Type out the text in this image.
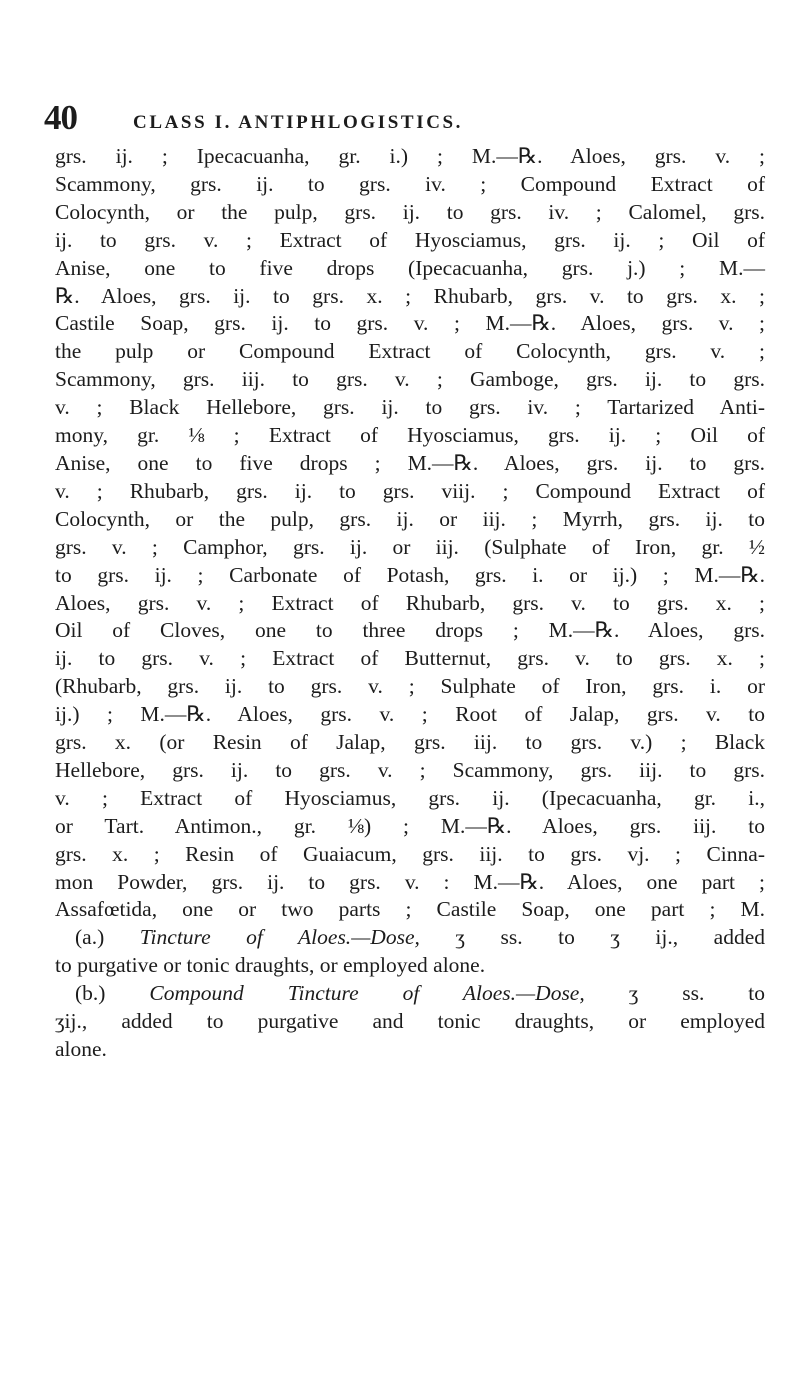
40	CLASS I. ANTIPHLOGISTICS.
grs. ij. ; Ipecacuanha, gr. i.) ; M.—℞. Aloes, grs. v. ;
Scammony, grs. ij. to grs. iv. ; Compound Extract of
Colocynth, or the pulp, grs. ij. to grs. iv. ; Calomel, grs.
ij. to grs. v. ; Extract of Hyosciamus, grs. ij. ; Oil of
Anise, one to five drops (Ipecacuanha, grs. j.) ; M.—
℞. Aloes, grs. ij. to grs. x. ; Rhubarb, grs. v. to grs. x. ;
Castile Soap, grs. ij. to grs. v. ; M.—℞. Aloes, grs. v. ;
the pulp or Compound Extract of Colocynth, grs. v. ;
Scammony, grs. iij. to grs. v. ; Gamboge, grs. ij. to grs.
v. ; Black Hellebore, grs. ij. to grs. iv. ; Tartarized Anti-
mony, gr. ⅛ ; Extract of Hyosciamus, grs. ij. ; Oil of
Anise, one to five drops ; M.—℞. Aloes, grs. ij. to grs.
v. ; Rhubarb, grs. ij. to grs. viij. ; Compound Extract of
Colocynth, or the pulp, grs. ij. or iij. ; Myrrh, grs. ij. to
grs. v. ; Camphor, grs. ij. or iij. (Sulphate of Iron, gr. ½
to grs. ij. ; Carbonate of Potash, grs. i. or ij.) ; M.—℞.
Aloes, grs. v. ; Extract of Rhubarb, grs. v. to grs. x. ;
Oil of Cloves, one to three drops ; M.—℞. Aloes, grs.
ij. to grs. v. ; Extract of Butternut, grs. v. to grs. x. ;
(Rhubarb, grs. ij. to grs. v. ; Sulphate of Iron, grs. i. or
ij.) ; M.—℞. Aloes, grs. v. ; Root of Jalap, grs. v. to
grs. x. (or Resin of Jalap, grs. iij. to grs. v.) ; Black
Hellebore, grs. ij. to grs. v. ; Scammony, grs. iij. to grs.
v. ; Extract of Hyosciamus, grs. ij. (Ipecacuanha, gr. i.,
or Tart. Antimon., gr. ⅛) ; M.—℞. Aloes, grs. iij. to
grs. x. ; Resin of Guaiacum, grs. iij. to grs. vj. ; Cinna-
mon Powder, grs. ij. to grs. v. : M.—℞. Aloes, one part ;
Assafœtida, one or two parts ; Castile Soap, one part ; M.
(a.) Tincture of Aloes.—Dose, ʒ ss. to ʒ ij., added
to purgative or tonic draughts, or employed alone.
(b.) Compound Tincture of Aloes.—Dose, ʒ ss. to
ʒij., added to purgative and tonic draughts, or employed
alone.
